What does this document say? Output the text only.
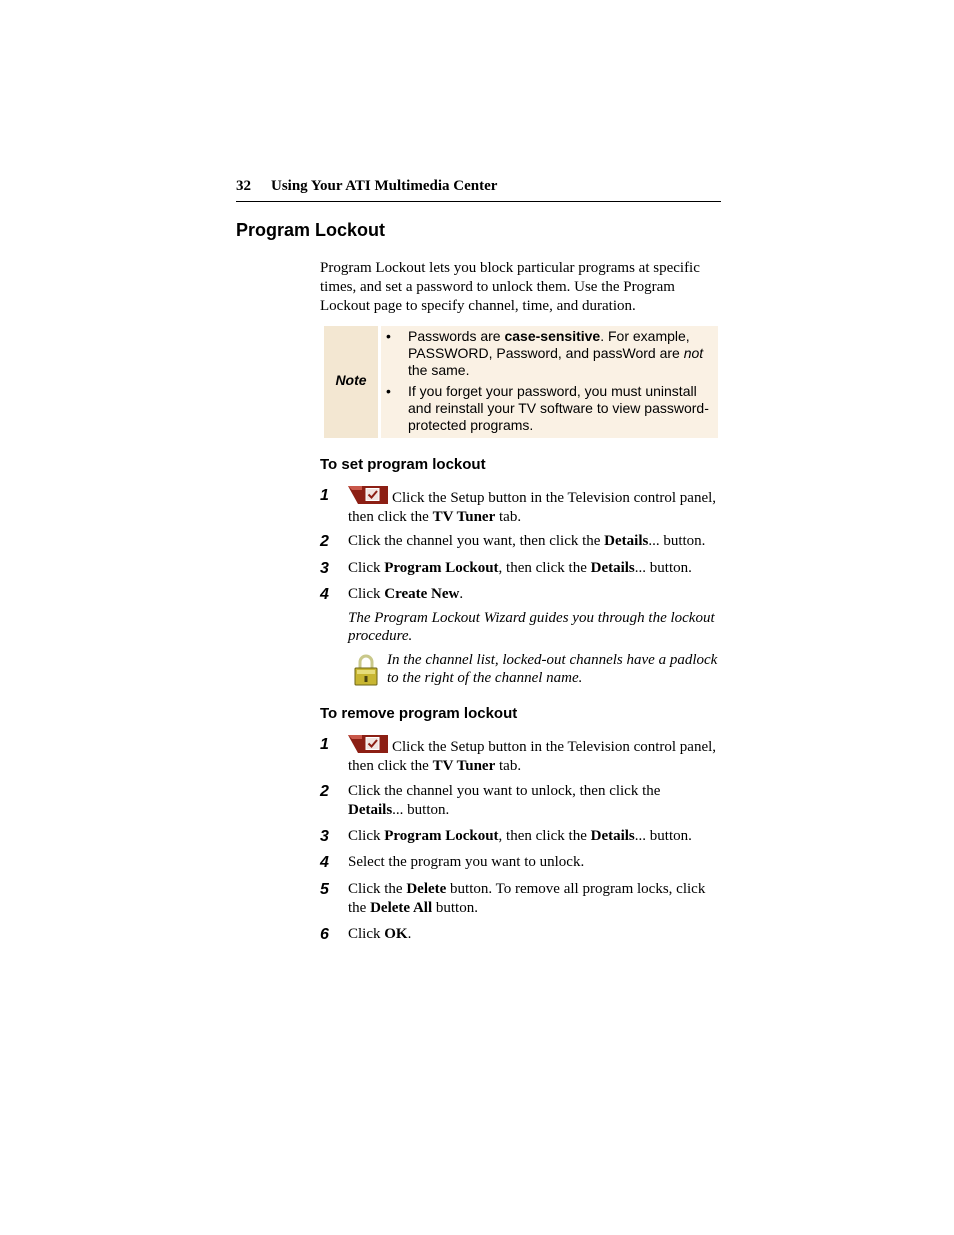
32 Using Your ATI Multimedia Center
Program Lockout
Program Lockout lets you block particular programs at specific times, and set a password to unlock them. Use the Program Lockout page to specify channel, time, and duration.
Note
• Passwords are case-sensitive. For example, PASSWORD, Password, and passWord are not the same.
• If you forget your password, you must uninstall and reinstall your TV software to view password-protected programs.
To set program lockout
1	Click the Setup button in the Television control panel, then click the TV Tuner tab.
2 Click the channel you want, then click the Details... button.
3 Click Program Lockout, then click the Details... button.
4 Click Create New.
The Program Lockout Wizard guides you through the lockout procedure.
In the channel list, locked-out channels have a padlock to the right of the channel name.
To remove program lockout
1	Click the Setup button in the Television control panel, then click the TV Tuner tab.
2 Click the channel you want to unlock, then click the Details... button.
3 Click Program Lockout, then click the Details... button.
4 Select the program you want to unlock.
5 Click the Delete button. To remove all program locks, click the Delete All button.
6 Click OK.
